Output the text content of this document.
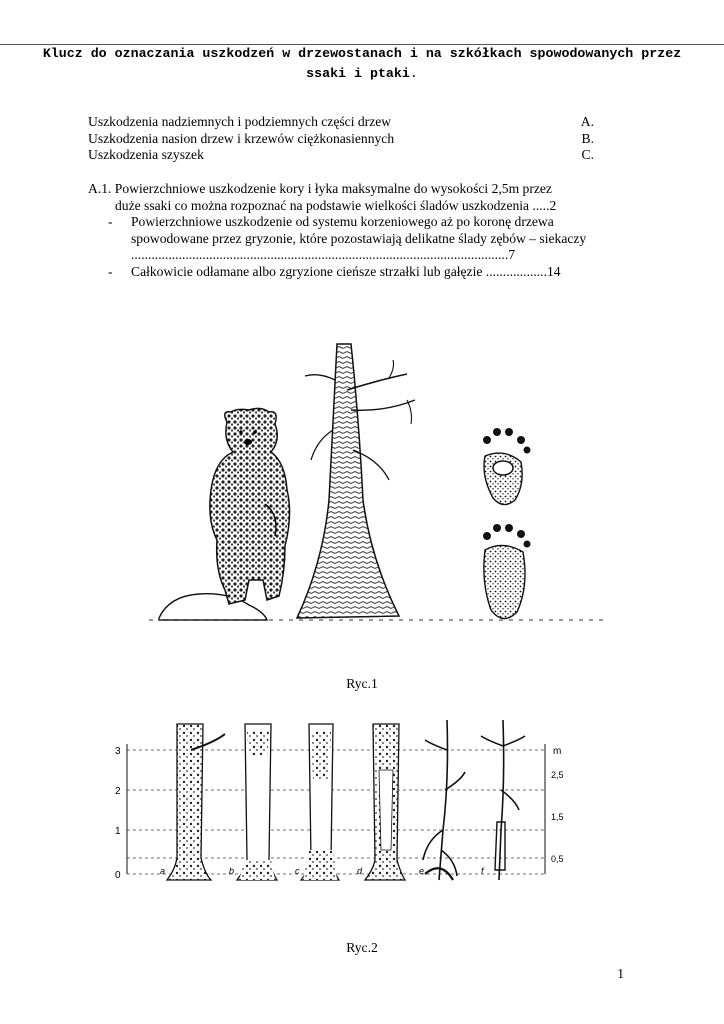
Klucz do oznaczania uszkodzeń w drzewostanach i na szkółkach spowodowanych przez
ssaki i ptaki.
Uszkodzenia nadziemnych i podziemnych części drzew	A.
Uszkodzenia nasion drzew i krzewów ciężkonasiennych	B.
Uszkodzenia szyszek	C.
A.1. Powierzchniowe uszkodzenie kory i łyka maksymalne do wysokości 2,5m przez
duże ssaki co można rozpoznać na podstawie wielkości śladów uszkodzenia .....2
-	Powierzchniowe uszkodzenie od systemu korzeniowego aż po koronę drzewa
spowodowane przez gryzonie, które pozostawiają delikatne ślady zębów – siekaczy
...............................................................................................................7
-	Całkowicie odłamane albo zgryzione cieńsze strzałki lub gałęzie ..................14
Ryc.1
3
2
1
0
m
2,5
1,5
0,5
a	b	c	d	e	f
Ryc.2
1
